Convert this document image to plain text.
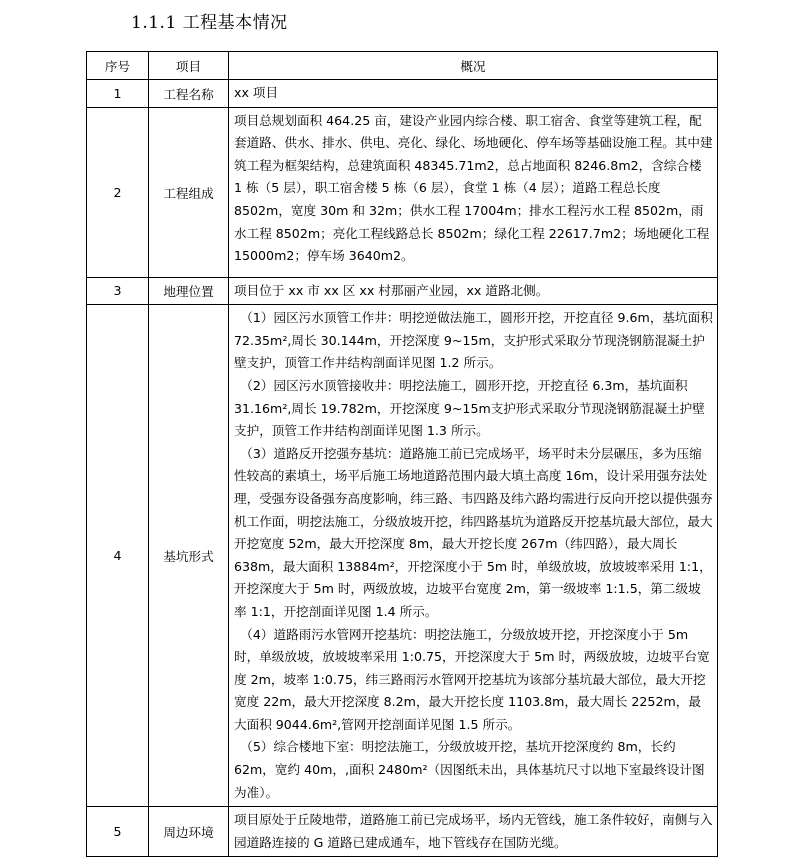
1.1.1 工程基本情况
序号	项目	概况
1	工程名称	xx 项目

2	工程组成	项目总规划面积 464.25 亩，建设产业园内综合楼、职工宿舍、食堂等建筑工程，配套道路、供水、排水、供电、亮化、绿化、场地硬化、停车场等基础设施工程。其中建筑工程为框架结构，总建筑面积 48345.71m2，总占地面积 8246.8m2，含综合楼 1 栋（5 层），职工宿舍楼 5 栋（6 层），食堂 1 栋（4 层）；道路工程总长度 8502m，宽度 30m 和 32m；供水工程 17004m；排水工程污水工程 8502m，雨水工程 8502m；亮化工程线路总长 8502m；绿化工程 22617.7m2；场地硬化工程 15000m2；停车场 3640m2。

3	地理位置	项目位于 xx 市 xx 区 xx 村那丽产业园，xx 道路北侧。

4	基坑形式	（1）园区污水顶管工作井：明挖逆做法施工，圆形开挖，开挖直径 9.6m，基坑面积 72.35m²,周长 30.144m，开挖深度 9~15m，支护形式采取分节现浇钢筋混凝土护壁支护，顶管工作井结构剖面详见图 1.2 所示。

（2）园区污水顶管接收井：明挖法施工，圆形开挖，开挖直径 6.3m，基坑面积 31.16m²,周长 19.782m，开挖深度 9~15m支护形式采取分节现浇钢筋混凝土护壁支护，顶管工作井结构剖面详见图 1.3 所示。

（3）道路反开挖强夯基坑：道路施工前已完成场平，场平时未分层碾压，多为压缩性较高的素填土，场平后施工场地道路范围内最大填土高度 16m，设计采用强夯法处理，受强夯设备强夯高度影响，纬三路、韦四路及纬六路均需进行反向开挖以提供强夯机工作面，明挖法施工，分级放坡开挖，纬四路基坑为道路反开挖基坑最大部位，最大开挖宽度 52m，最大开挖深度 8m，最大开挖长度 267m（纬四路），最大周长 638m，最大面积 13884m²，开挖深度小于 5m 时，单级放坡，放坡坡率采用 1:1，开挖深度大于 5m 时，两级放坡，边坡平台宽度 2m，第一级坡率 1:1.5，第二级坡率 1:1，开挖剖面详见图 1.4 所示。

（4）道路雨污水管网开挖基坑：明挖法施工，分级放坡开挖，开挖深度小于 5m 时，单级放坡，放坡坡率采用 1:0.75，开挖深度大于 5m 时，两级放坡，边坡平台宽度 2m，坡率 1:0.75，纬三路雨污水管网开挖基坑为该部分基坑最大部位，最大开挖宽度 22m，最大开挖深度 8.2m，最大开挖长度 1103.8m，最大周长 2252m，最大面积 9044.6m²,管网开挖剖面详见图 1.5 所示。

（5）综合楼地下室：明挖法施工，分级放坡开挖，基坑开挖深度约 8m，长约 62m，宽约 40m，,面积 2480m²（因图纸未出，具体基坑尺寸以地下室最终设计图为准）。

5	周边环境	项目原处于丘陵地带，道路施工前已完成场平，场内无管线，施工条件较好，南侧与入园道路连接的 G 道路已建成通车，地下管线存在国防光缆。
